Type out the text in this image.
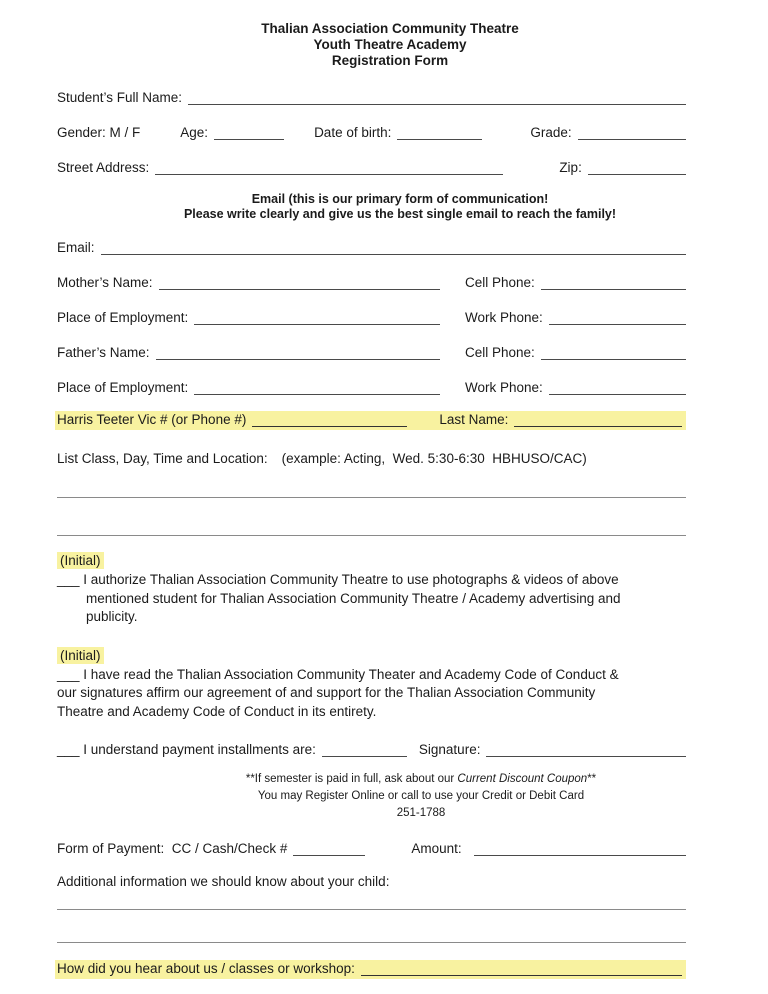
Thalian Association Community Theatre
Youth Theatre Academy
Registration Form
Student’s Full Name:
Gender: M / F	Age:	Date of birth:	Grade:
Street Address:	Zip:
Email (this is our primary form of communication!
Please write clearly and give us the best single email to reach the family!
Email:
Mother’s Name:	Cell Phone:
Place of Employment:	Work Phone:
Father’s Name:	Cell Phone:
Place of Employment:	Work Phone:
Harris Teeter Vic # (or Phone #)	Last Name:
List Class, Day, Time and Location: (example: Acting,  Wed. 5:30-6:30  HBHUSO/CAC)
(Initial)
___ I authorize Thalian Association Community Theatre to use photographs & videos of above
mentioned student for Thalian Association Community Theatre / Academy advertising and
publicity.
(Initial)
___ I have read the Thalian Association Community Theater and Academy Code of Conduct &
our signatures affirm our agreement of and support for the Thalian Association Community
Theatre and Academy Code of Conduct in its entirety.
___ I understand payment installments are:	Signature:
**If semester is paid in full, ask about our Current Discount Coupon**
You may Register Online or call to use your Credit or Debit Card
251-1788
Form of Payment:  CC / Cash/Check #	Amount:
Additional information we should know about your child:
How did you hear about us / classes or workshop:
